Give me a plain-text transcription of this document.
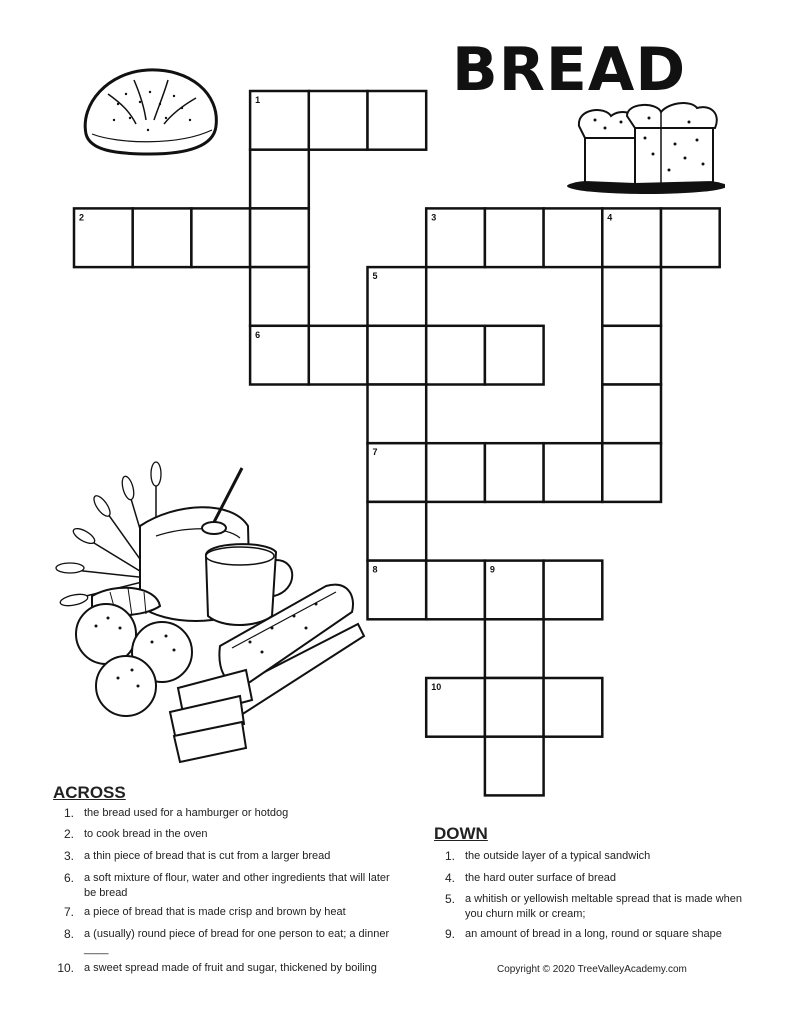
1
2	3	4
5
6
7
8	9
10
BREAD
ACROSS
1. the bread used for a hamburger or hotdog
2. to cook bread in the oven
3. a thin piece of bread that is cut from a larger bread
6. a soft mixture of flour, water and other ingredients that will later be bread
7. a piece of bread that is made crisp and brown by heat
8. a (usually) round piece of bread for one person to eat; a dinner ____
10. a sweet spread made of fruit and sugar, thickened by boiling
DOWN
1. the outside layer of a typical sandwich
4. the hard outer surface of bread
5. a whitish or yellowish meltable spread that is made when you churn milk or cream;
9. an amount of bread in a long, round or square shape
Copyright © 2020 TreeValleyAcademy.com
